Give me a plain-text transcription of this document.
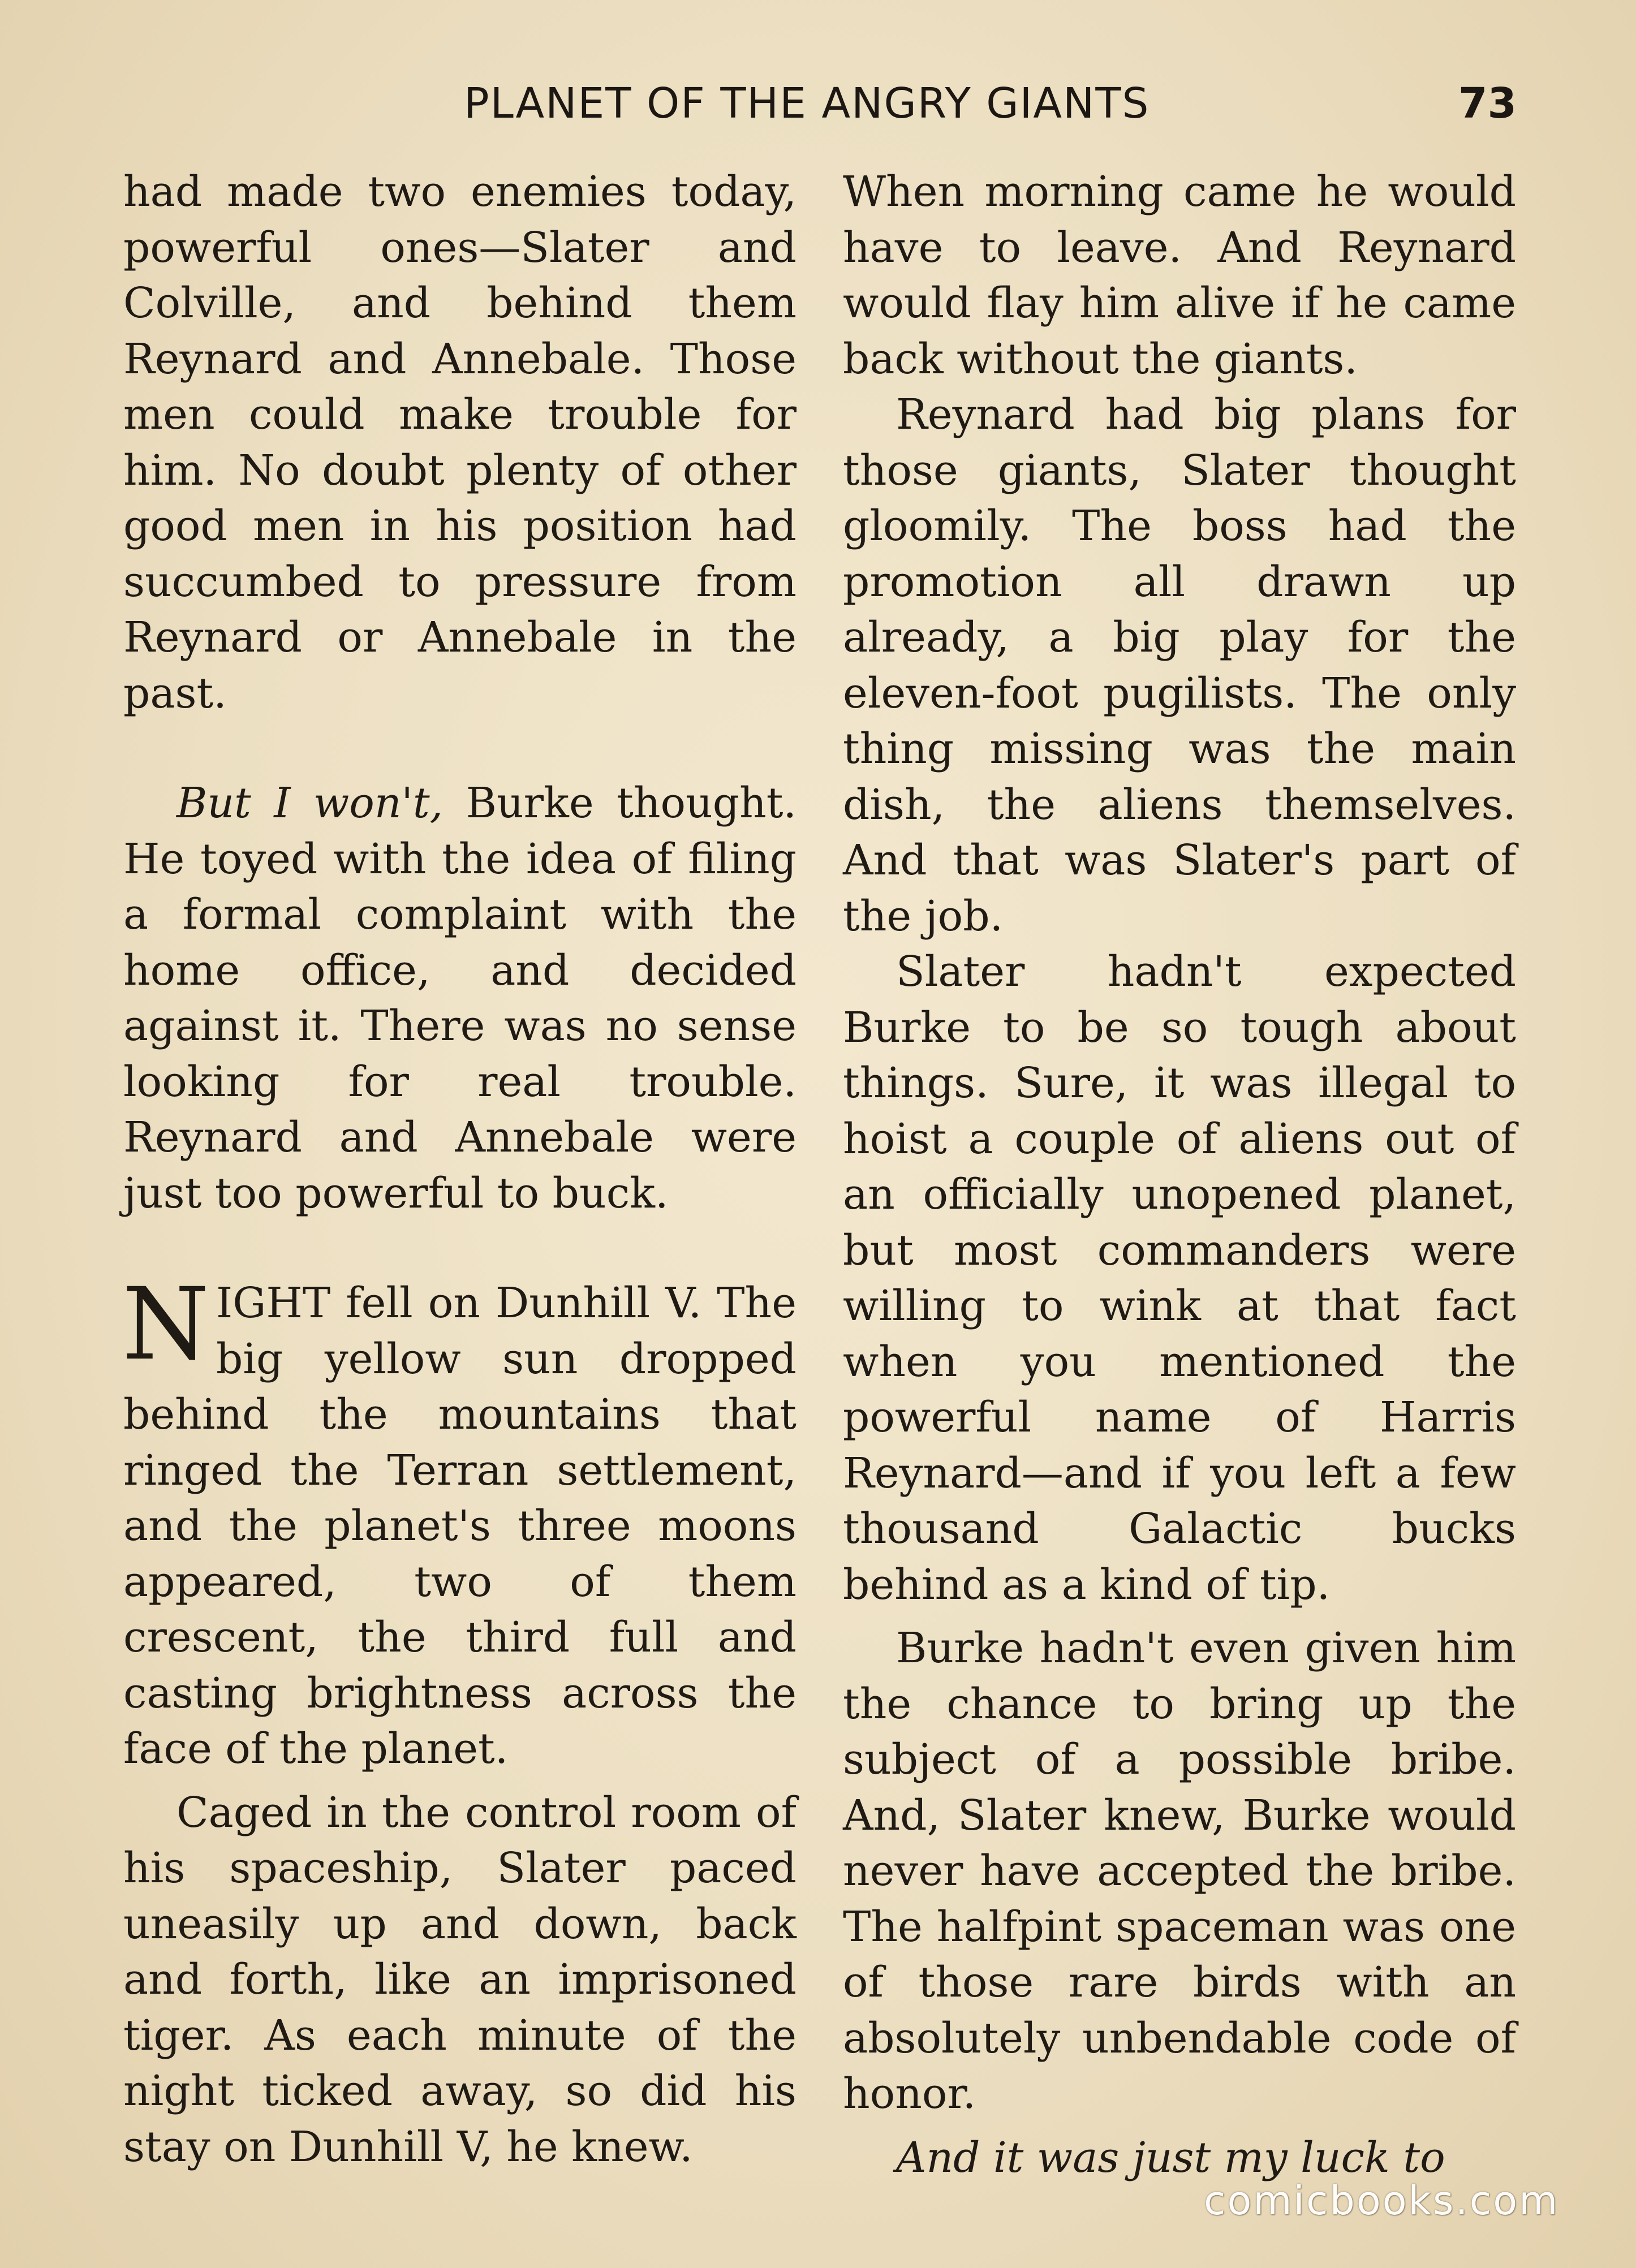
PLANET OF THE ANGRY GIANTS	73

had made two enemies today, powerful ones—Slater and Colville, and behind them Reynard and Annebale. Those men could make trouble for him. No doubt plenty of other good men in his position had succumbed to pressure from Reynard or Annebale in the past.

But I won't, Burke thought. He toyed with the idea of filing a formal complaint with the home office, and decided against it. There was no sense looking for real trouble. Reynard and Annebale were just too powerful to buck.

NIGHT fell on Dunhill V. The big yellow sun dropped behind the mountains that ringed the Terran settlement, and the planet's three moons appeared, two of them crescent, the third full and casting brightness across the face of the planet.

Caged in the control room of his spaceship, Slater paced uneasily up and down, back and forth, like an imprisoned tiger. As each minute of the night ticked away, so did his stay on Dunhill V, he knew.

When morning came he would have to leave. And Reynard would flay him alive if he came back without the giants.

Reynard had big plans for those giants, Slater thought gloomily. The boss had the promotion all drawn up already, a big play for the eleven-foot pugilists. The only thing missing was the main dish, the aliens themselves. And that was Slater's part of the job.

Slater hadn't expected Burke to be so tough about things. Sure, it was illegal to hoist a couple of aliens out of an officially unopened planet, but most commanders were willing to wink at that fact when you mentioned the powerful name of Harris Reynard—and if you left a few thousand Galactic bucks behind as a kind of tip.

Burke hadn't even given him the chance to bring up the subject of a possible bribe. And, Slater knew, Burke would never have accepted the bribe. The halfpint spaceman was one of those rare birds with an absolutely unbendable code of honor.

And it was just my luck to

comicbooks.com
